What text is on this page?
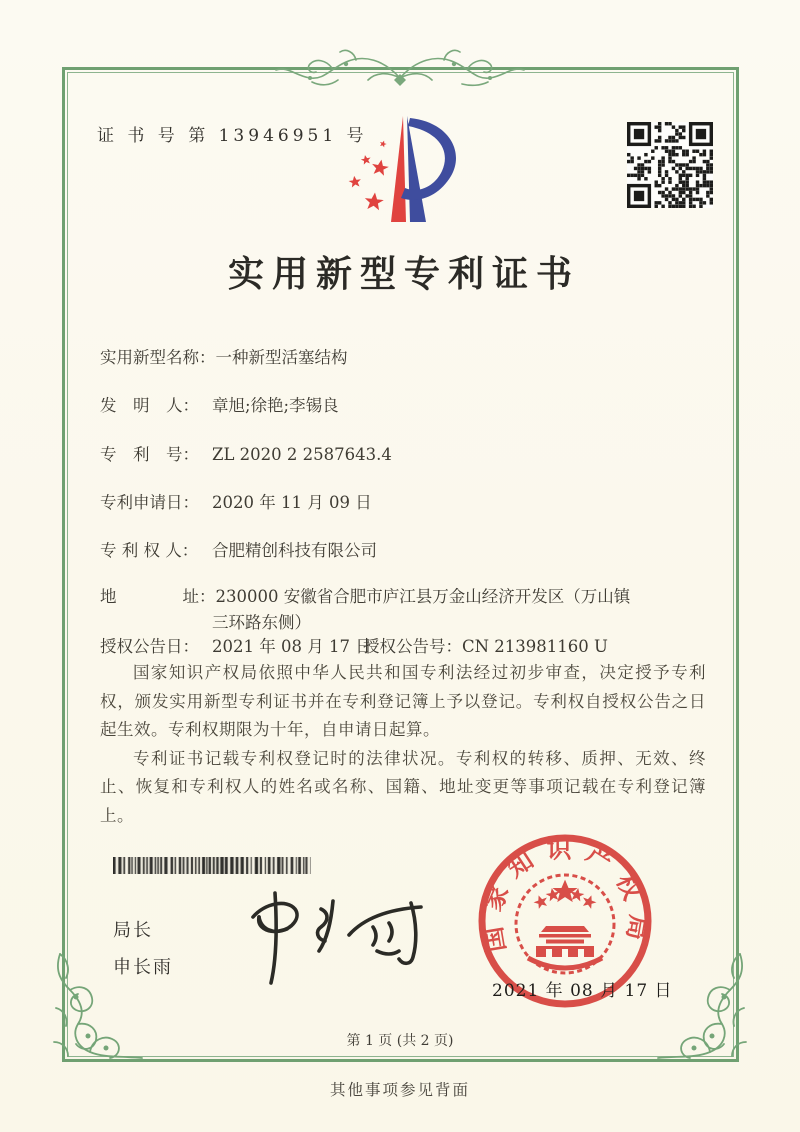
证 书 号 第 13946951 号
实用新型专利证书
实用新型名称：一种新型活塞结构
发　明　人： 章旭;徐艳;李锡良
专　利　号： ZL 2020 2 2587643.4
专利申请日： 2020 年 11 月 09 日
专 利 权 人： 合肥精创科技有限公司
地　　　　址：230000 安徽省合肥市庐江县万金山经济开发区（万山镇
三环路东侧）
授权公告日： 2021 年 08 月 17 日
授权公告号：CN 213981160 U

国家知识产权局依照中华人民共和国专利法经过初步审查，决定授予专利权，颁发实用新型专利证书并在专利登记簿上予以登记。专利权自授权公告之日起生效。专利权期限为十年，自申请日起算。

专利证书记载专利权登记时的法律状况。专利权的转移、质押、无效、终止、恢复和专利权人的姓名或名称、国籍、地址变更等事项记载在专利登记簿上。

局长
申长雨
国家知识产权局
2021 年 08 月 17 日
第 1 页 (共 2 页)
其他事项参见背面
